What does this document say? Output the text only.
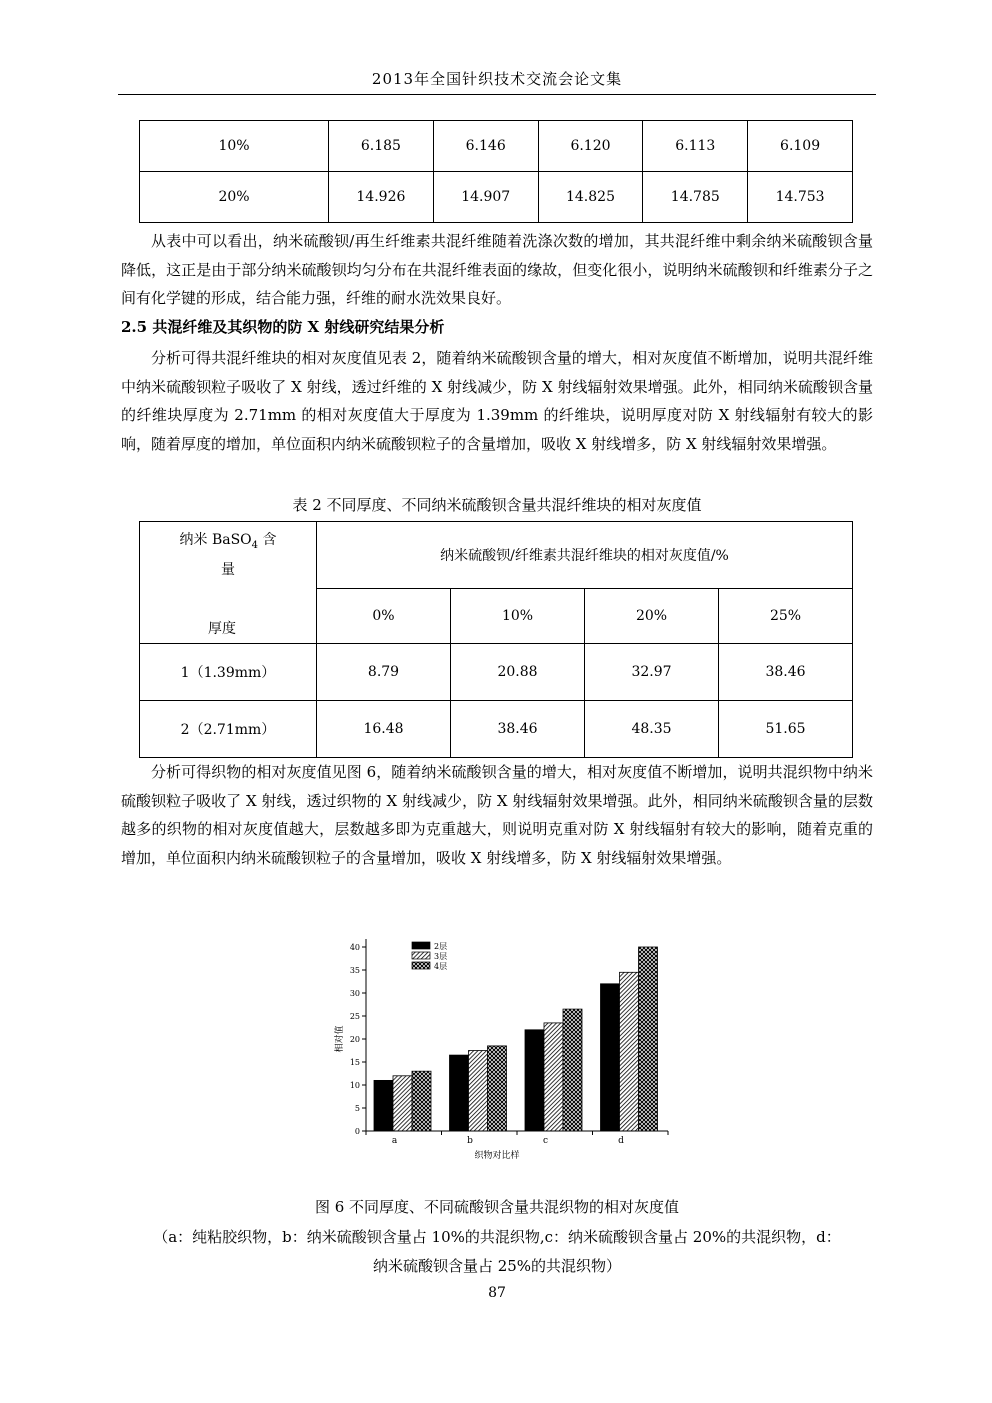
2013年全国针织技术交流会论文集
10%	6.185	6.146	6.120	6.113	6.109
20%	14.926	14.907	14.825	14.785	14.753
从表中可以看出，纳米硫酸钡/再生纤维素共混纤维随着洗涤次数的增加，其共混纤维中剩余纳米硫酸钡含量降低，这正是由于部分纳米硫酸钡均匀分布在共混纤维表面的缘故，但变化很小，说明纳米硫酸钡和纤维素分子之间有化学键的形成，结合能力强，纤维的耐水洗效果良好。
2.5 共混纤维及其织物的防 X 射线研究结果分析
分析可得共混纤维块的相对灰度值见表 2，随着纳米硫酸钡含量的增大，相对灰度值不断增加，说明共混纤维中纳米硫酸钡粒子吸收了 X 射线，透过纤维的 X 射线减少，防 X 射线辐射效果增强。此外，相同纳米硫酸钡含量的纤维块厚度为 2.71mm 的相对灰度值大于厚度为 1.39mm 的纤维块，说明厚度对防 X 射线辐射有较大的影响，随着厚度的增加，单位面积内纳米硫酸钡粒子的含量增加，吸收 X 射线增多，防 X 射线辐射效果增强。
表 2 不同厚度、不同纳米硫酸钡含量共混纤维块的相对灰度值
纳米 BaSO$_4$ 含
量
厚度	纳米硫酸钡/纤维素共混纤维块的相对灰度值/%			
	0%	10%	20%	25%
1（1.39mm）	8.79	20.88	32.97	38.46
2（2.71mm）	16.48	38.46	48.35	51.65
分析可得织物的相对灰度值见图 6，随着纳米硫酸钡含量的增大，相对灰度值不断增加，说明共混织物中纳米硫酸钡粒子吸收了 X 射线，透过织物的 X 射线减少，防 X 射线辐射效果增强。此外，相同纳米硫酸钡含量的层数越多的织物的相对灰度值越大，层数越多即为克重越大，则说明克重对防 X 射线辐射有较大的影响，随着克重的增加，单位面积内纳米硫酸钡粒子的含量增加，吸收 X 射线增多，防 X 射线辐射效果增强。
a	b	c	d
0
5
10
15
20
25
30
35
40
织物对比样
相对值
2层
3层
4层
图 6 不同厚度、不同硫酸钡含量共混织物的相对灰度值
（a：纯粘胶织物，b：纳米硫酸钡含量占 10%的共混织物,c：纳米硫酸钡含量占 20%的共混织物，d：
纳米硫酸钡含量占 25%的共混织物）
87
